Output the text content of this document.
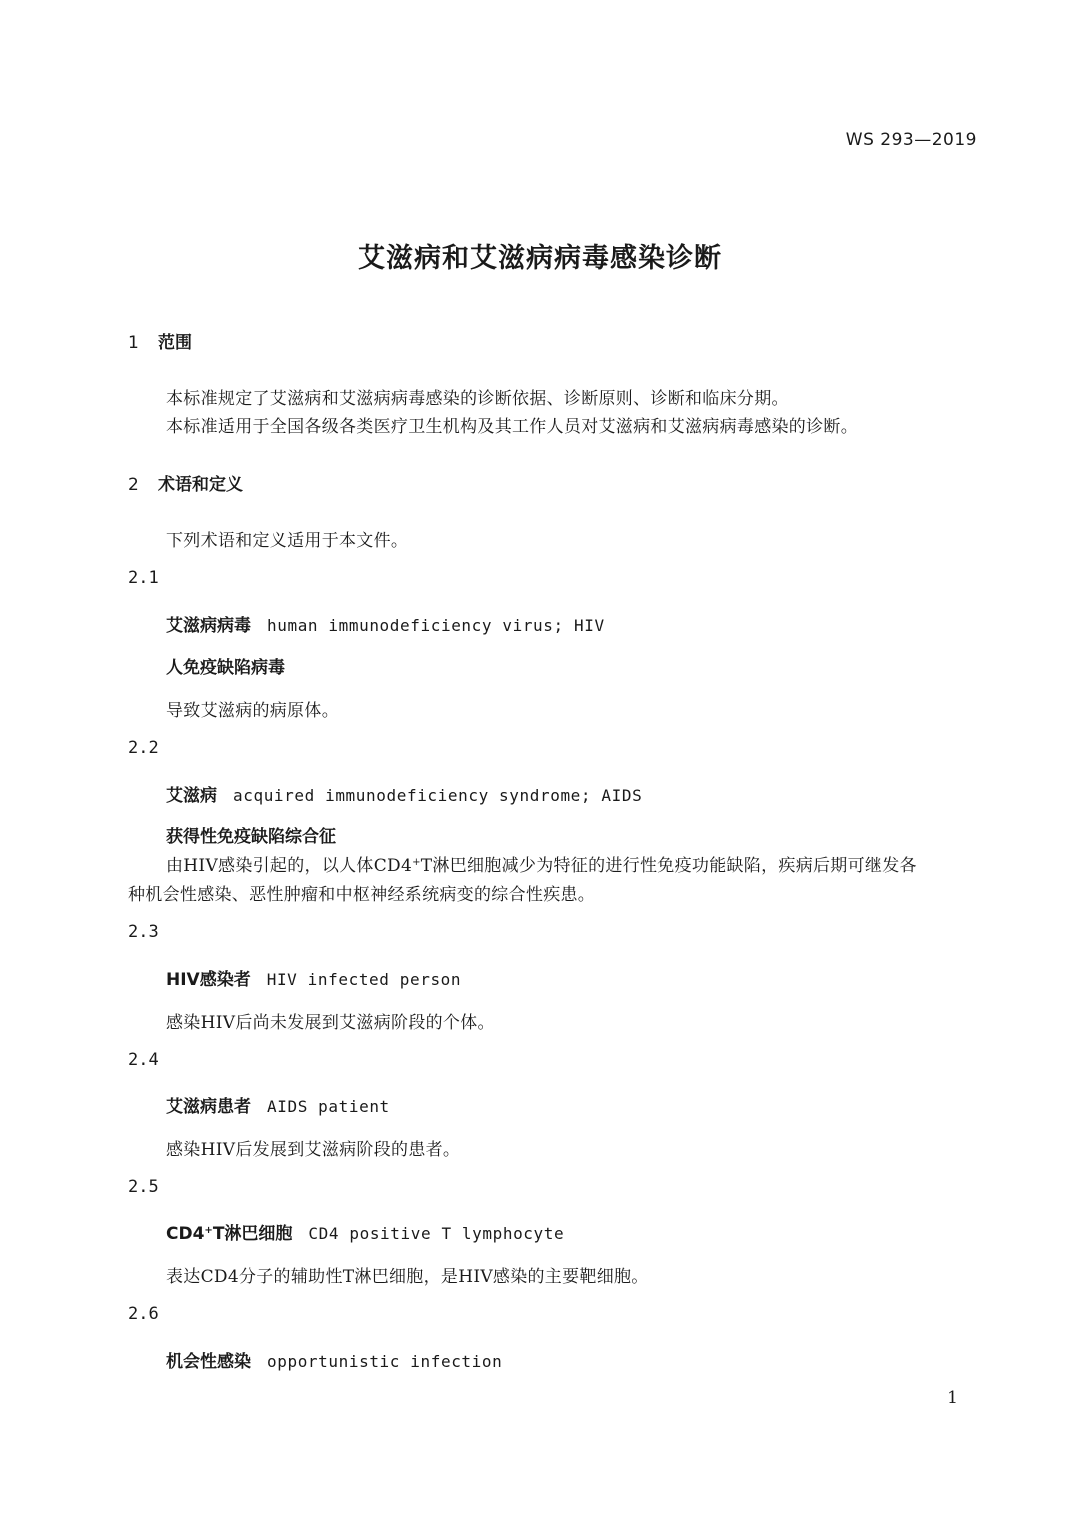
WS 293—2019
艾滋病和艾滋病病毒感染诊断
1 范围
本标准规定了艾滋病和艾滋病病毒感染的诊断依据、诊断原则、诊断和临床分期。
本标准适用于全国各级各类医疗卫生机构及其工作人员对艾滋病和艾滋病病毒感染的诊断。
2 术语和定义
下列术语和定义适用于本文件。
2.1
艾滋病病毒 human immunodeficiency virus; HIV
人免疫缺陷病毒
导致艾滋病的病原体。
2.2
艾滋病 acquired immunodeficiency syndrome; AIDS
获得性免疫缺陷综合征
由HIV感染引起的，以人体CD4+T淋巴细胞减少为特征的进行性免疫功能缺陷，疾病后期可继发各
种机会性感染、恶性肿瘤和中枢神经系统病变的综合性疾患。
2.3
HIV感染者 HIV infected person
感染HIV后尚未发展到艾滋病阶段的个体。
2.4
艾滋病患者 AIDS patient
感染HIV后发展到艾滋病阶段的患者。
2.5
CD4+T淋巴细胞 CD4 positive T lymphocyte
表达CD4分子的辅助性T淋巴细胞，是HIV感染的主要靶细胞。
2.6
机会性感染 opportunistic infection
1
